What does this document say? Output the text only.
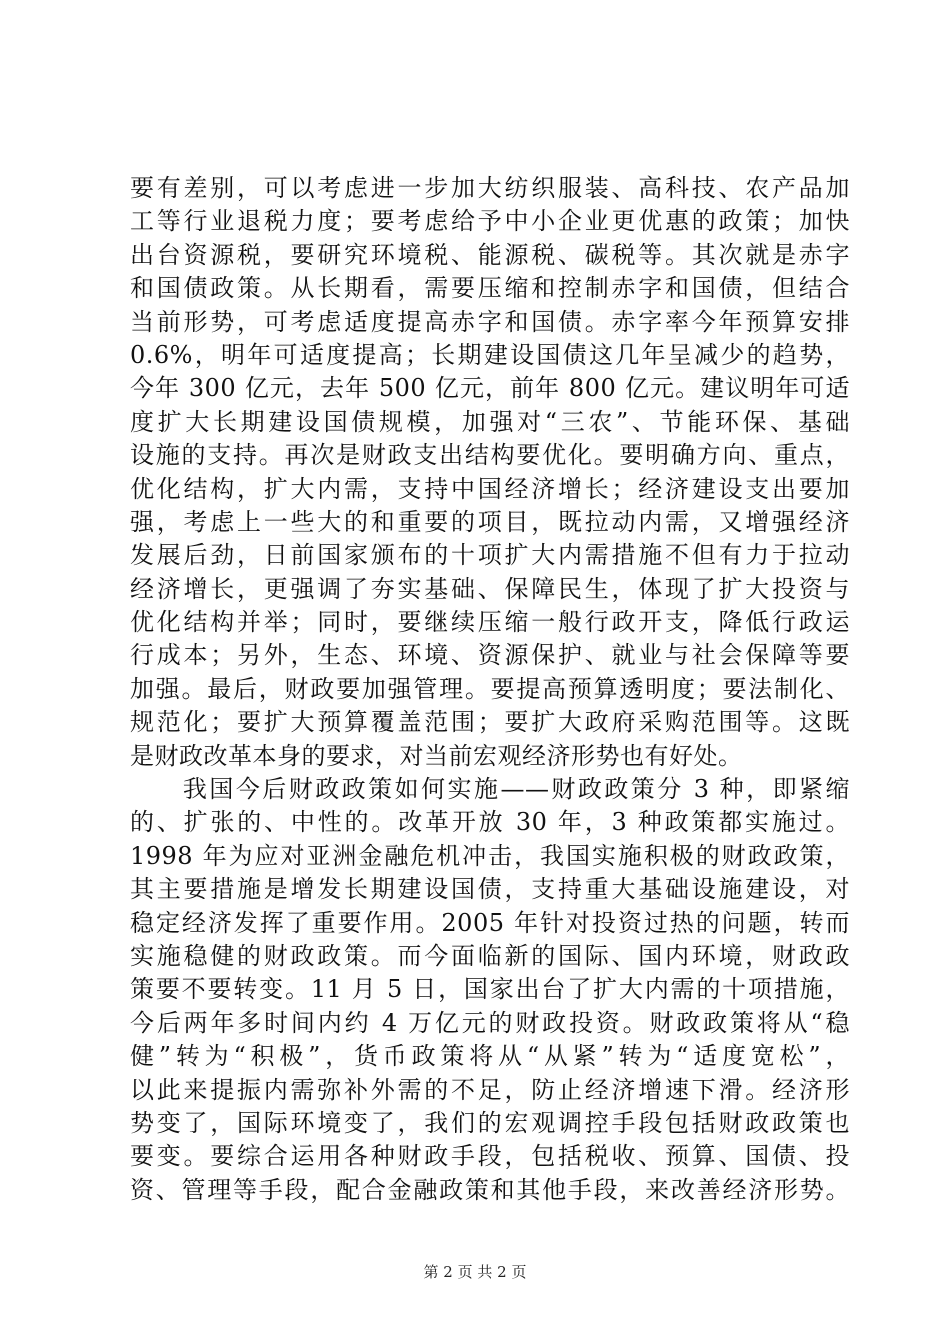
要有差别，可以考虑进一步加大纺织服装、高科技、农产品加
工等行业退税力度；要考虑给予中小企业更优惠的政策；加快
出台资源税，要研究环境税、能源税、碳税等。其次就是赤字
和国债政策。从长期看，需要压缩和控制赤字和国债，但结合
当前形势，可考虑适度提高赤字和国债。赤字率今年预算安排
0.6%，明年可适度提高；长期建设国债这几年呈减少的趋势，
今年 300 亿元，去年 500 亿元，前年 800 亿元。建议明年可适
度扩大长期建设国债规模，加强对“三农”、节能环保、基础
设施的支持。再次是财政支出结构要优化。要明确方向、重点，
优化结构，扩大内需，支持中国经济增长；经济建设支出要加
强，考虑上一些大的和重要的项目，既拉动内需，又增强经济
发展后劲，日前国家颁布的十项扩大内需措施不但有力于拉动
经济增长，更强调了夯实基础、保障民生，体现了扩大投资与
优化结构并举；同时，要继续压缩一般行政开支，降低行政运
行成本；另外，生态、环境、资源保护、就业与社会保障等要
加强。最后，财政要加强管理。要提高预算透明度；要法制化、
规范化；要扩大预算覆盖范围；要扩大政府采购范围等。这既
是财政改革本身的要求，对当前宏观经济形势也有好处。
　　我国今后财政政策如何实施——财政政策分 3 种，即紧缩
的、扩张的、中性的。改革开放 30 年，3 种政策都实施过。
1998 年为应对亚洲金融危机冲击，我国实施积极的财政政策，
其主要措施是增发长期建设国债，支持重大基础设施建设，对
稳定经济发挥了重要作用。2005 年针对投资过热的问题，转而
实施稳健的财政政策。而今面临新的国际、国内环境，财政政
策要不要转变。11 月 5 日，国家出台了扩大内需的十项措施，
今后两年多时间内约 4 万亿元的财政投资。财政政策将从“稳
健”转为“积极”，货币政策将从“从紧”转为“适度宽松”，
以此来提振内需弥补外需的不足，防止经济增速下滑。经济形
势变了，国际环境变了，我们的宏观调控手段包括财政政策也
要变。要综合运用各种财政手段，包括税收、预算、国债、投
资、管理等手段，配合金融政策和其他手段，来改善经济形势。
第 2 页 共 2 页
